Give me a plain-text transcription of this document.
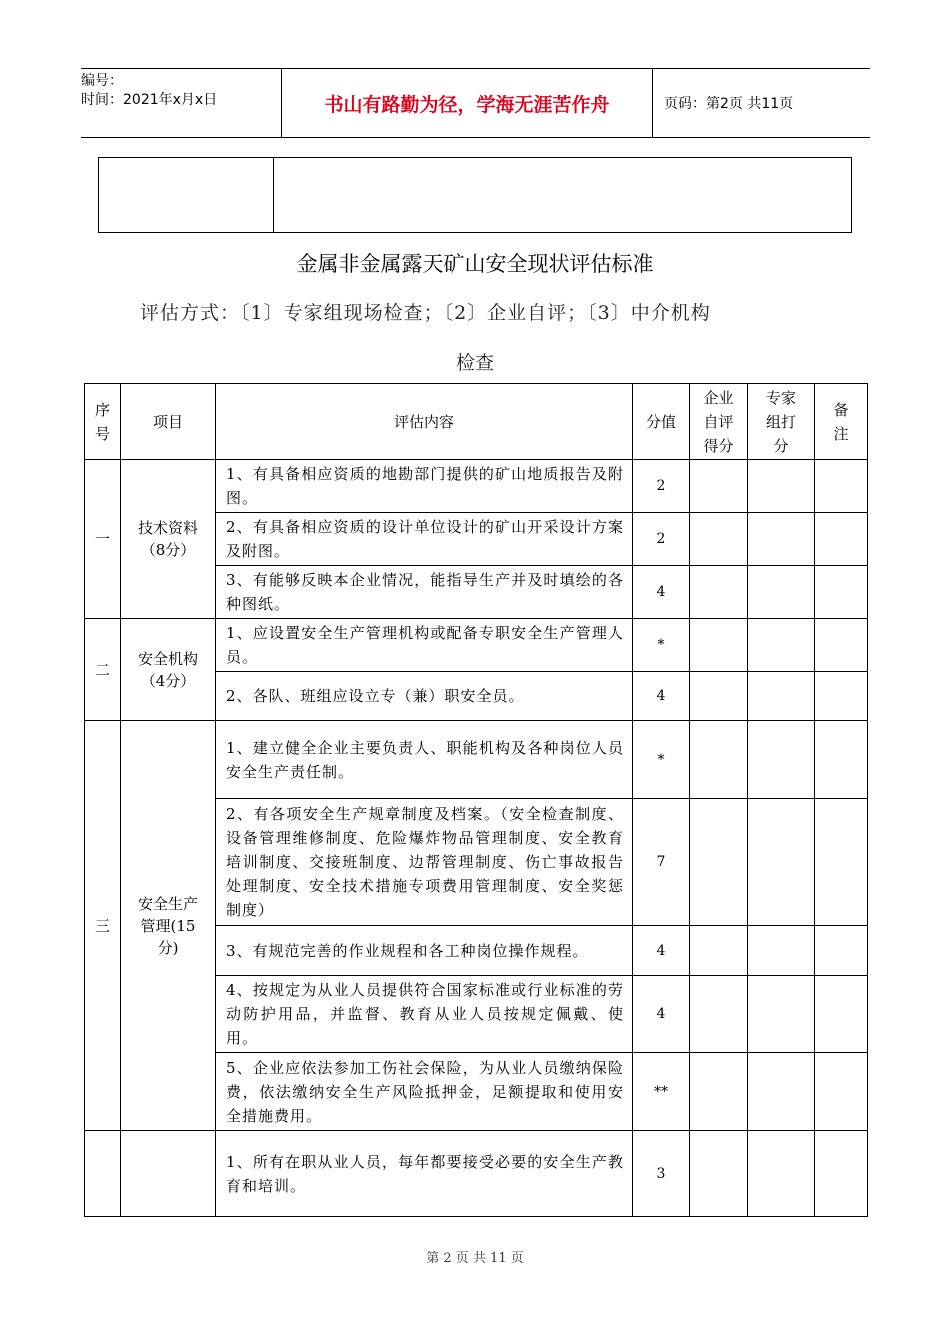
编号：
时间：2021年x月x日	书山有路勤为径，学海无涯苦作舟	页码：第2页 共11页
金属非金属露天矿山安全现状评估标准
评估方式：〔1〕专家组现场检查；〔2〕企业自评；〔3〕中介机构
检查
序号	项目	评估内容	分值	企业自评得分	专家组打分	备注

一	技术资料（8分）	1、有具备相应资质的地勘部门提供的矿山地质报告及附图。	2			
		2、有具备相应资质的设计单位设计的矿山开采设计方案及附图。	2			
		3、有能够反映本企业情况，能指导生产并及时填绘的各种图纸。	4			
二	安全机构（4分）	1、应设置安全生产管理机构或配备专职安全生产管理人员。	*			
		2、各队、班组应设立专（兼）职安全员。	4			
三	安全生产管理(15分)	1、建立健全企业主要负责人、职能机构及各种岗位人员安全生产责任制。	*			
		2、有各项安全生产规章制度及档案。（安全检查制度、设备管理维修制度、危险爆炸物品管理制度、安全教育培训制度、交接班制度、边帮管理制度、伤亡事故报告处理制度、安全技术措施专项费用管理制度、安全奖惩制度）	7			
		3、有规范完善的作业规程和各工种岗位操作规程。	4			
		4、按规定为从业人员提供符合国家标准或行业标准的劳动防护用品，并监督、教育从业人员按规定佩戴、使用。	4			
		5、企业应依法参加工伤社会保险，为从业人员缴纳保险费，依法缴纳安全生产风险抵押金，足额提取和使用安全措施费用。	**			
		1、所有在职从业人员，每年都要接受必要的安全生产教育和培训。	3			
第 2 页 共 11 页
